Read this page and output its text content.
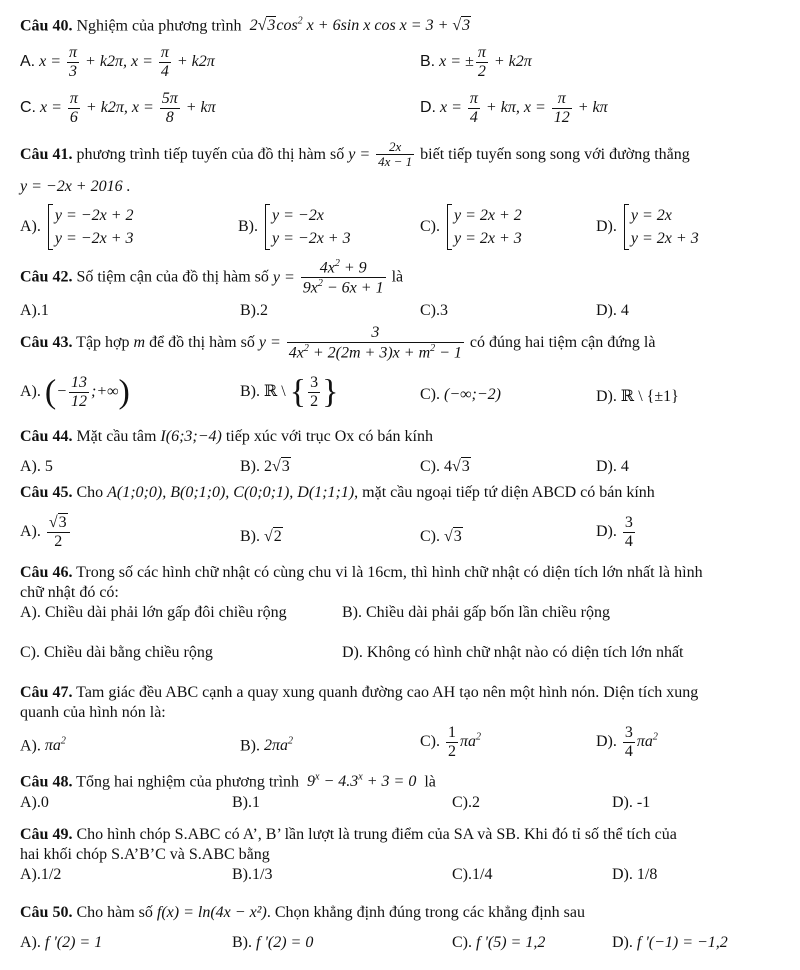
Câu 40. Nghiệm của phương trình  $2√3\cos^2$ x + 6sin x cos x = 3 + √3
A. $x = \frac{\pi}{3} + k2\pi$, $x = \frac{\pi}{4} + k2\pi$	B. x = ± $\frac{\pi}{2} + k2\pi$
C. $x = \frac{\pi}{6} + k2\pi$, $x = \frac{5\pi}{8} + k\pi$	D. $x = \frac{\pi}{4} + k\pi$, $x = \frac{\pi}{12} + k\pi$
Câu 41. phương trình tiếp tuyến của đồ thị hàm số $y = \frac{2x}{4x - 1}$ biết tiếp tuyến song song với đường thẳng
y = −2x + 2016 .
A). y = −2x + 2
y = −2x + 3
B). y = −2x
y = −2x + 3
C). y = 2x + 2
y = 2x + 3
D). y = 2x
y = 2x + 3
Câu 42. Số tiệm cận của đồ thị hàm số $y = \frac{4x^2 + 9}{9x^2 - 6x + 1}$ là
A).1	B).2	C).3	D). 4
Câu 43. Tập hợp m để đồ thị hàm số $y = \frac{3}{4x^2 + 2(2m + 3)x + m^2 - 1}$ có đúng hai tiệm cận đứng là
A). (− $\frac{13}{12}$ ;+∞)	B). ℝ \ { $\frac{3}{2}$ }	C). (−∞;−2)	D). ℝ \ {±1}
Câu 44. Mặt cầu tâm I(6;3;−4) tiếp xúc với trục Ox có bán kính
A). 5	B). 2√3	C). 4√3	D). 4
Câu 45. Cho A(1;0;0), B(0;1;0), C(0;0;1), D(1;1;1), mặt cầu ngoại tiếp tứ diện ABCD có bán kính
A). $\frac{√3}{2}$	B). √2	C). √3	D). $\frac{3}{4}$
Câu 46. Trong số các hình chữ nhật có cùng chu vi là 16cm, thì hình chữ nhật có diện tích lớn nhất là hình
chữ nhật đó có:
A). Chiều dài phải lớn gấp đôi chiều rộng	B). Chiều dài phải gấp bốn lần chiều rộng
C). Chiều dài bằng chiều rộng	D). Không có hình chữ nhật nào có diện tích lớn nhất
Câu 47. Tam giác đều ABC cạnh a quay xung quanh đường cao AH tạo nên một hình nón. Diện tích xung
quanh của hình nón là:
A). $\pi a^2$	B). $2\pi a^2$	C). $\frac{1}{2} \pi a^2$	D). $\frac{3}{4} \pi a^2$
Câu 48. Tổng hai nghiệm của phương trình  $9^x - 4.3^x + 3 = 0$  là
A).0	B).1	C).2	D). -1
Câu 49. Cho hình chóp S.ABC có A’, B’ lần lượt là trung điểm của SA và SB. Khi đó tỉ số thể tích của
hai khối chóp S.A’B’C và S.ABC bằng
A).1/2	B).1/3	C).1/4	D). 1/8
Câu 50. Cho hàm số f(x) = ln(4x − x²). Chọn khẳng định đúng trong các khẳng định sau
A). f '(2) = 1	B). f '(2) = 0	C). f '(5) = 1,2	D). f '(−1) = −1,2
